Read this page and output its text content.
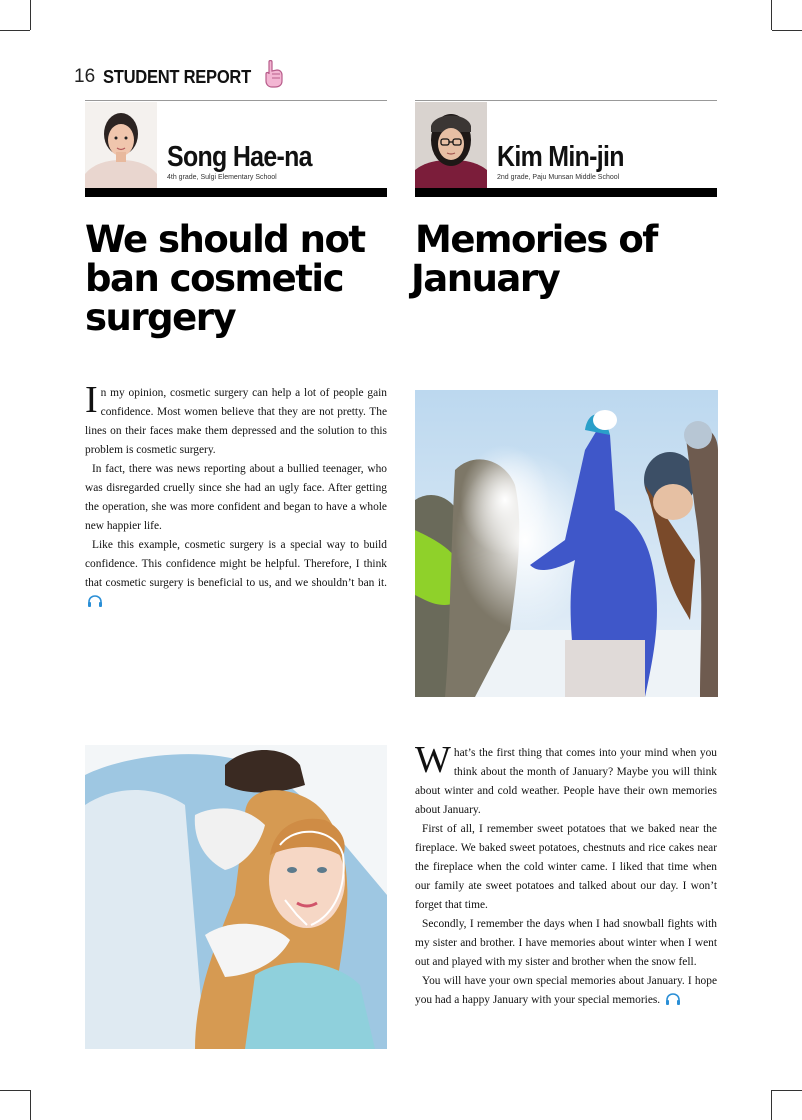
16 STUDENT REPORT
Song Hae-na
4th grade, Sulgi Elementary School
We should not
ban cosmetic
surgery

In my opinion, cosmetic surgery can help a lot of people gain confidence. Most women believe that they are not pretty. The lines on their faces make them depressed and the solution to this problem is cosmetic surgery.

In fact, there was news reporting about a bullied teenager, who was disregarded cruelly since she had an ugly face. After getting the operation, she was more confident and began to have a whole new happier life.

Like this example, cosmetic surgery is a special way to build confidence. This confidence might be helpful. Therefore, I think that cosmetic surgery is beneficial to us, and we shouldn’t ban it.

Kim Min-jin
2nd grade, Paju Munsan Middle School
Memories of
January

What’s the first thing that comes into your mind when you think about the month of January? Maybe you will think about winter and cold weather. People have their own memories about January.

First of all, I remember sweet potatoes that we baked near the fireplace. We baked sweet potatoes, chestnuts and rice cakes near the fireplace when the cold winter came. I liked that time when our family ate sweet potatoes and talked about our day. I won’t forget that time.

Secondly, I remember the days when I had snowball fights with my sister and brother. I have memories about winter when I went out and played with my sister and brother when the snow fell.

You will have your own special memories about January. I hope you had a happy January with your special memories.
